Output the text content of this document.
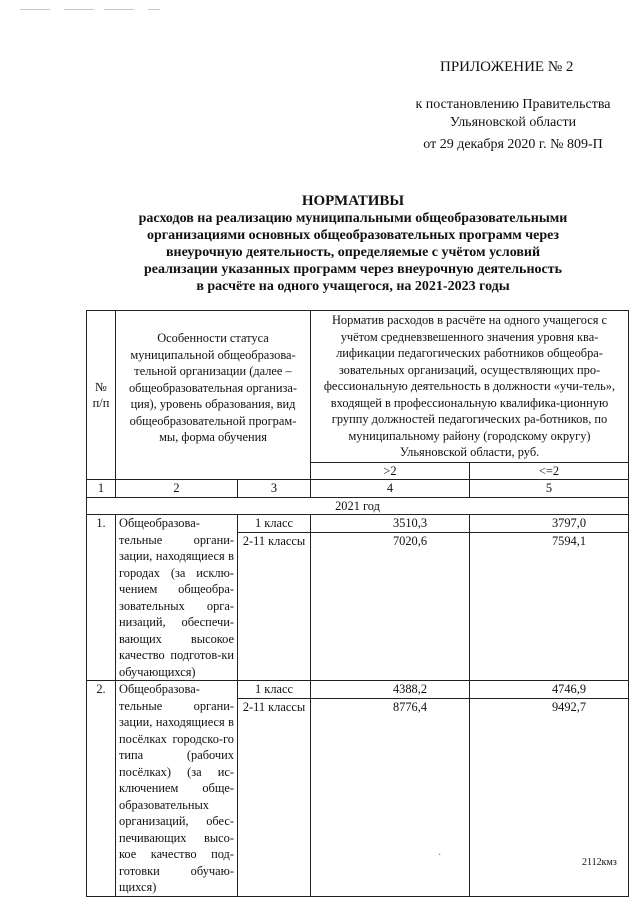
ПРИЛОЖЕНИЕ № 2
к постановлению Правительства
Ульяновской области
от 29 декабря 2020 г. № 809-П
НОРМАТИВЫ
расходов на реализацию муниципальными общеобразовательными
организациями основных общеобразовательных программ через
внеурочную деятельность, определяемые с учётом условий
реализации указанных программ через внеурочную деятельность
в расчёте на одного учащегося, на 2021-2023 годы
№ п/п	Особенности статуса муниципальной общеобразова-тельной организации (далее – общеобразовательная организа-ция), уровень образования, вид общеобразовательной програм-мы, форма обучения		Норматив расходов в расчёте на одного учащегося с учётом средневзвешенного значения уровня ква-лификации педагогических работников общеобра-зовательных организаций, осуществляющих про-фессиональную деятельность в должности «учи-тель», входящей в профессиональную квалифика-ционную группу должностей педагогических ра-ботников, по муниципальному району (городскому округу) Ульяновской области, руб.	
			>2	<=2
1	2	3	4	5
2021 год				
1.	Общеобразова-тельные органи-зации, находящиеся в городах (за исклю-чением общеобра-зовательных орга-низаций, обеспечи-вающих высокое качество подготов-ки обучающихся)	1 класс	3510,3	3797,0
		2-11 классы	7020,6	7594,1
2.	Общеобразова-тельные органи-зации, находящиеся в посёлках городско-го типа (рабочих посёлках) (за ис-ключением обще-образовательных организаций, обес-печивающих высо-кое качество под-готовки обучаю-щихся)	1 класс	4388,2	4746,9
		2-11 классы	8776,4	9492,7
·
2112кмз
